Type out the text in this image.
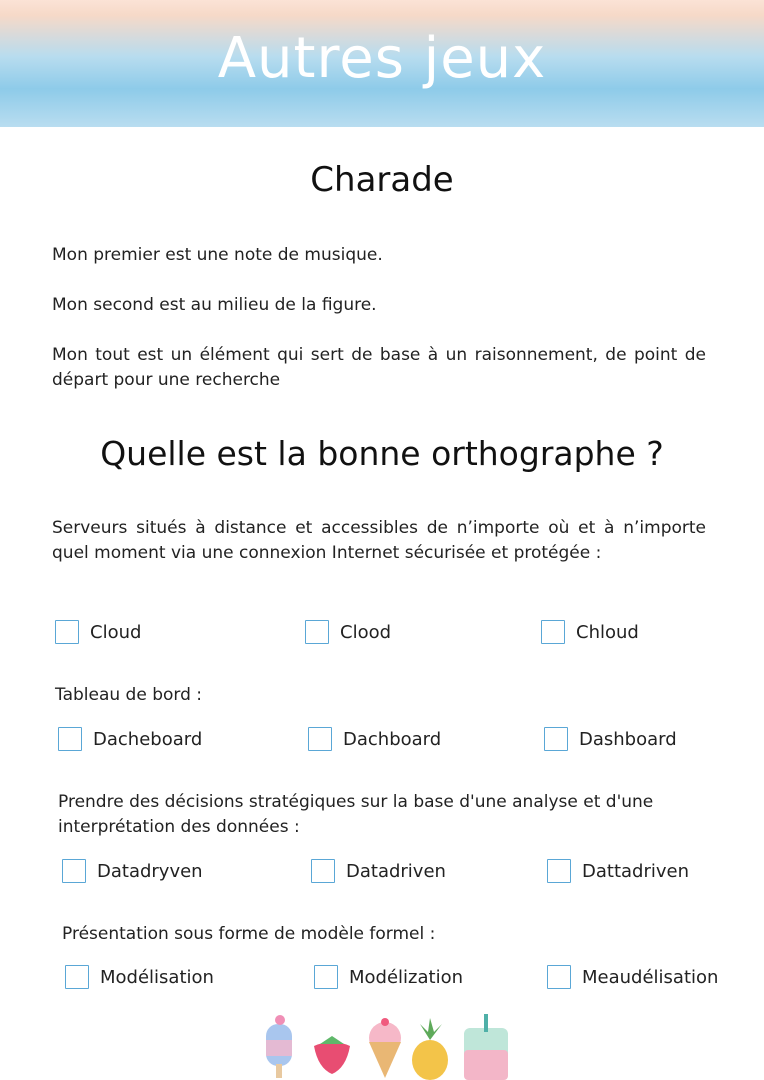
Autres jeux
Charade

Mon premier est une note de musique.

Mon second est au milieu de la figure.

Mon tout est un élément qui sert de base à un raisonnement, de point de départ pour une recherche

Quelle est la bonne orthographe ?

Serveurs situés à distance et accessibles de n’importe où et à n’importe quel moment via une connexion Internet sécurisée et protégée :

Cloud	Clood	Chloud

Tableau de bord :

Dacheboard	Dachboard	Dashboard

Prendre des décisions stratégiques sur la base d'une analyse et d'une interprétation des données :

Datadryven	Datadriven	Dattadriven

Présentation sous forme de modèle formel :

Modélisation	Modélization	Meaudélisation
